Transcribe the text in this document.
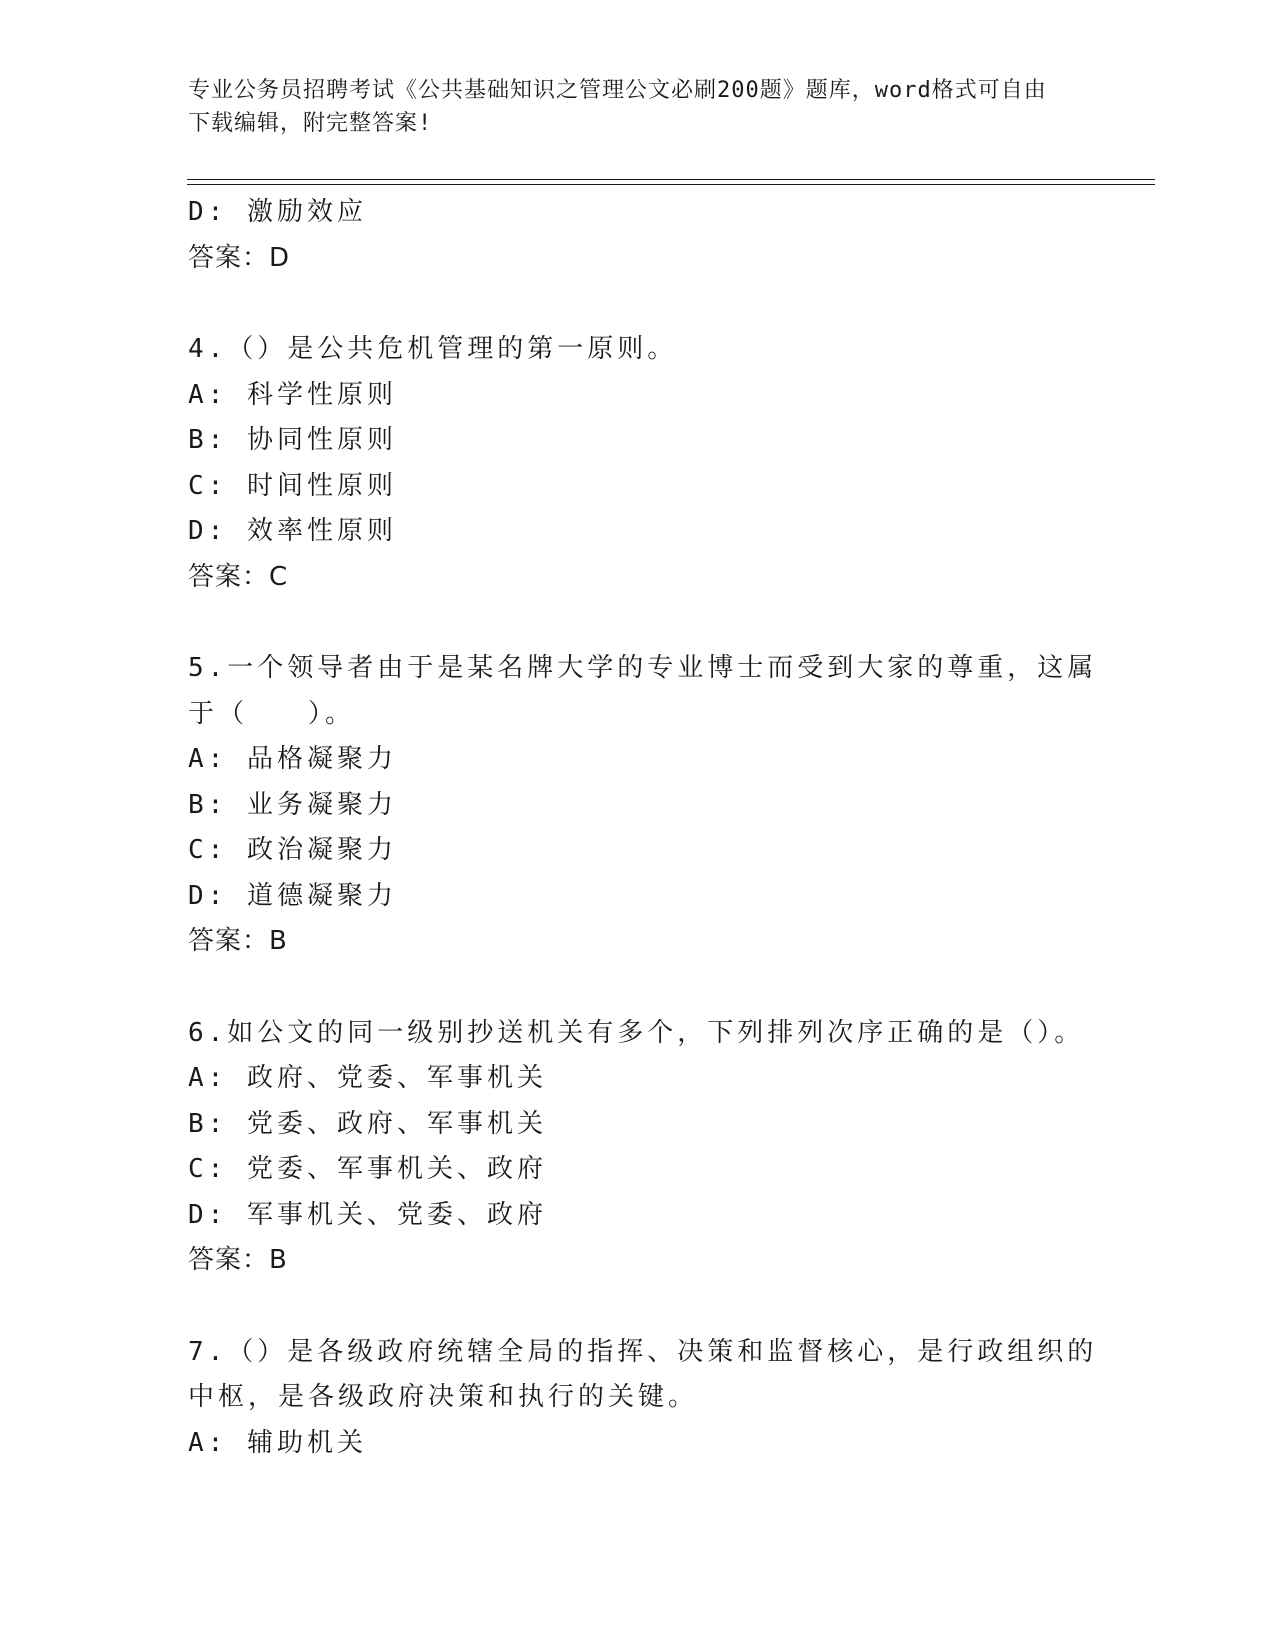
专业公务员招聘考试《公共基础知识之管理公文必刷200题》题库，word格式可自由下载编辑，附完整答案!
D: 激励效应
答案：D
4.（）是公共危机管理的第一原则。
A: 科学性原则
B: 协同性原则
C: 时间性原则
D: 效率性原则
答案：C
5.一个领导者由于是某名牌大学的专业博士而受到大家的尊重，这属
于（　　）。
A: 品格凝聚力
B: 业务凝聚力
C: 政治凝聚力
D: 道德凝聚力
答案：B
6.如公文的同一级别抄送机关有多个，下列排列次序正确的是（）。
A: 政府、党委、军事机关
B: 党委、政府、军事机关
C: 党委、军事机关、政府
D: 军事机关、党委、政府
答案：B
7.（）是各级政府统辖全局的指挥、决策和监督核心，是行政组织的
中枢，是各级政府决策和执行的关键。
A: 辅助机关
